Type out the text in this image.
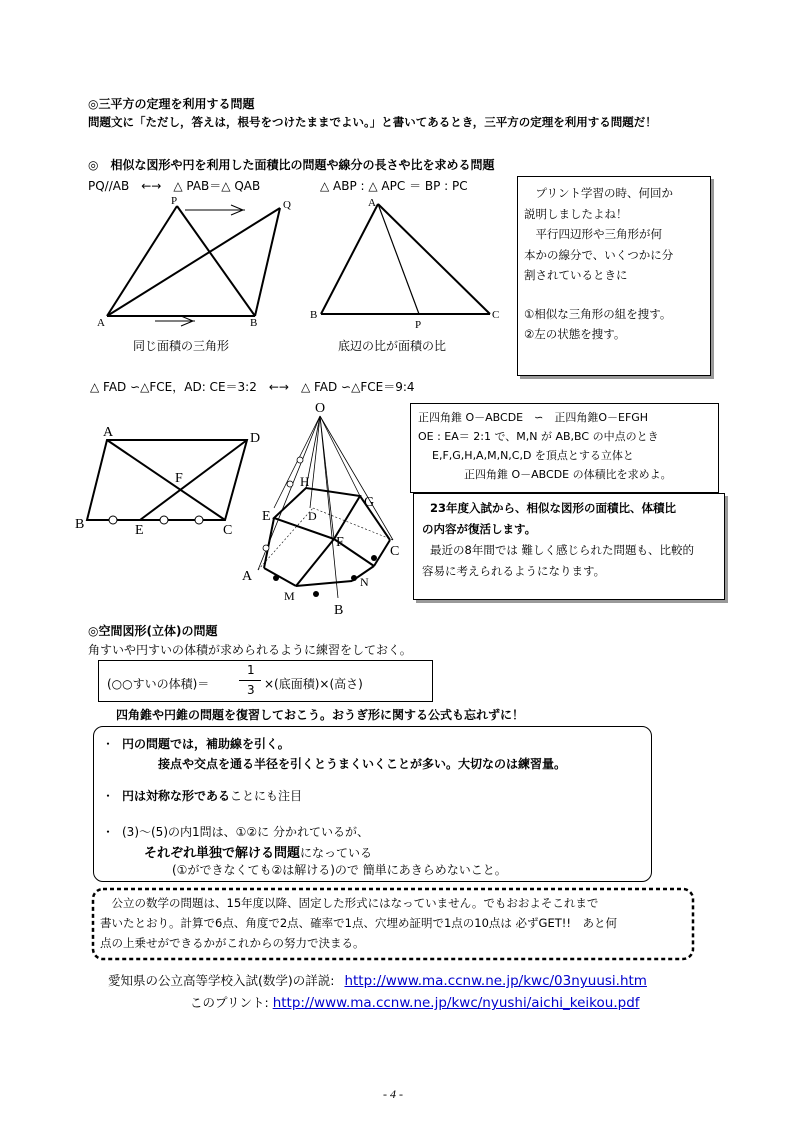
◎三平方の定理を利用する問題
問題文に「ただし，答えは，根号をつけたままでよい。」と書いてあるとき，三平方の定理を利用する問題だ！
◎　相似な図形や円を利用した面積比の問題や線分の長さや比を求める問題
PQ//AB　←→　△ PAB＝△ QAB	△ ABP : △ APC ＝ BP : PC
P	Q
A	B
同じ面積の三角形
A
B
P
C
底辺の比が面積の比
　プリント学習の時、何回か
説明しましたよね！
　平行四辺形や三角形が何
本かの線分で、いくつかに分
割されているときに
①相似な三角形の組を捜す。
②左の状態を捜す。
△ FAD ∽△FCE，AD: CE＝3:2　←→　△ FAD ∽△FCE＝9:4
A	D
F
B	E	C
O
H
G
E	D
F
C
A
M
N
B
正四角錐 O－ABCDE　∽　正四角錐O－EFGH
OE : EA＝ 2:1 で、M,N が AB,BC の中点のとき
E,F,G,H,A,M,N,C,D を頂点とする立体と
正四角錐 O－ABCDE の体積比を求めよ。
23年度入試から、相似な図形の面積比、体積比
の内容が復活します。
最近の8年間では 難しく感じられた問題も、比較的
容易に考えられるようになります。
◎空間図形(立体)の問題
角すいや円すいの体積が求められるように練習をしておく。
(○○すいの体積)＝
1
3 ×(底面積)×(高さ)
四角錐や円錐の問題を復習しておこう。おうぎ形に関する公式も忘れずに！
・ 円の問題では，補助線を引く。
接点や交点を通る半径を引くとうまくいくことが多い。大切なのは練習量。
・ 円は対称な形であることにも注目
・ (3)～(5)の内1問は、①②に 分かれているが、
それぞれ単独で解ける問題になっている
(①ができなくても②は解ける)ので 簡単にあきらめないこと。
　公立の数学の問題は、15年度以降、固定した形式にはなっていません。でもおおよそこれまで
書いたとおり。計算で6点、角度で2点、確率で1点、穴埋め証明で1点の10点は 必ずGET!!　あと何
点の上乗せができるかがこれからの努力で決まる。
愛知県の公立高等学校入試(数学)の詳説: http://www.ma.ccnw.ne.jp/kwc/03nyuusi.htm
このプリント: http://www.ma.ccnw.ne.jp/kwc/nyushi/aichi_keikou.pdf
- 4 -
